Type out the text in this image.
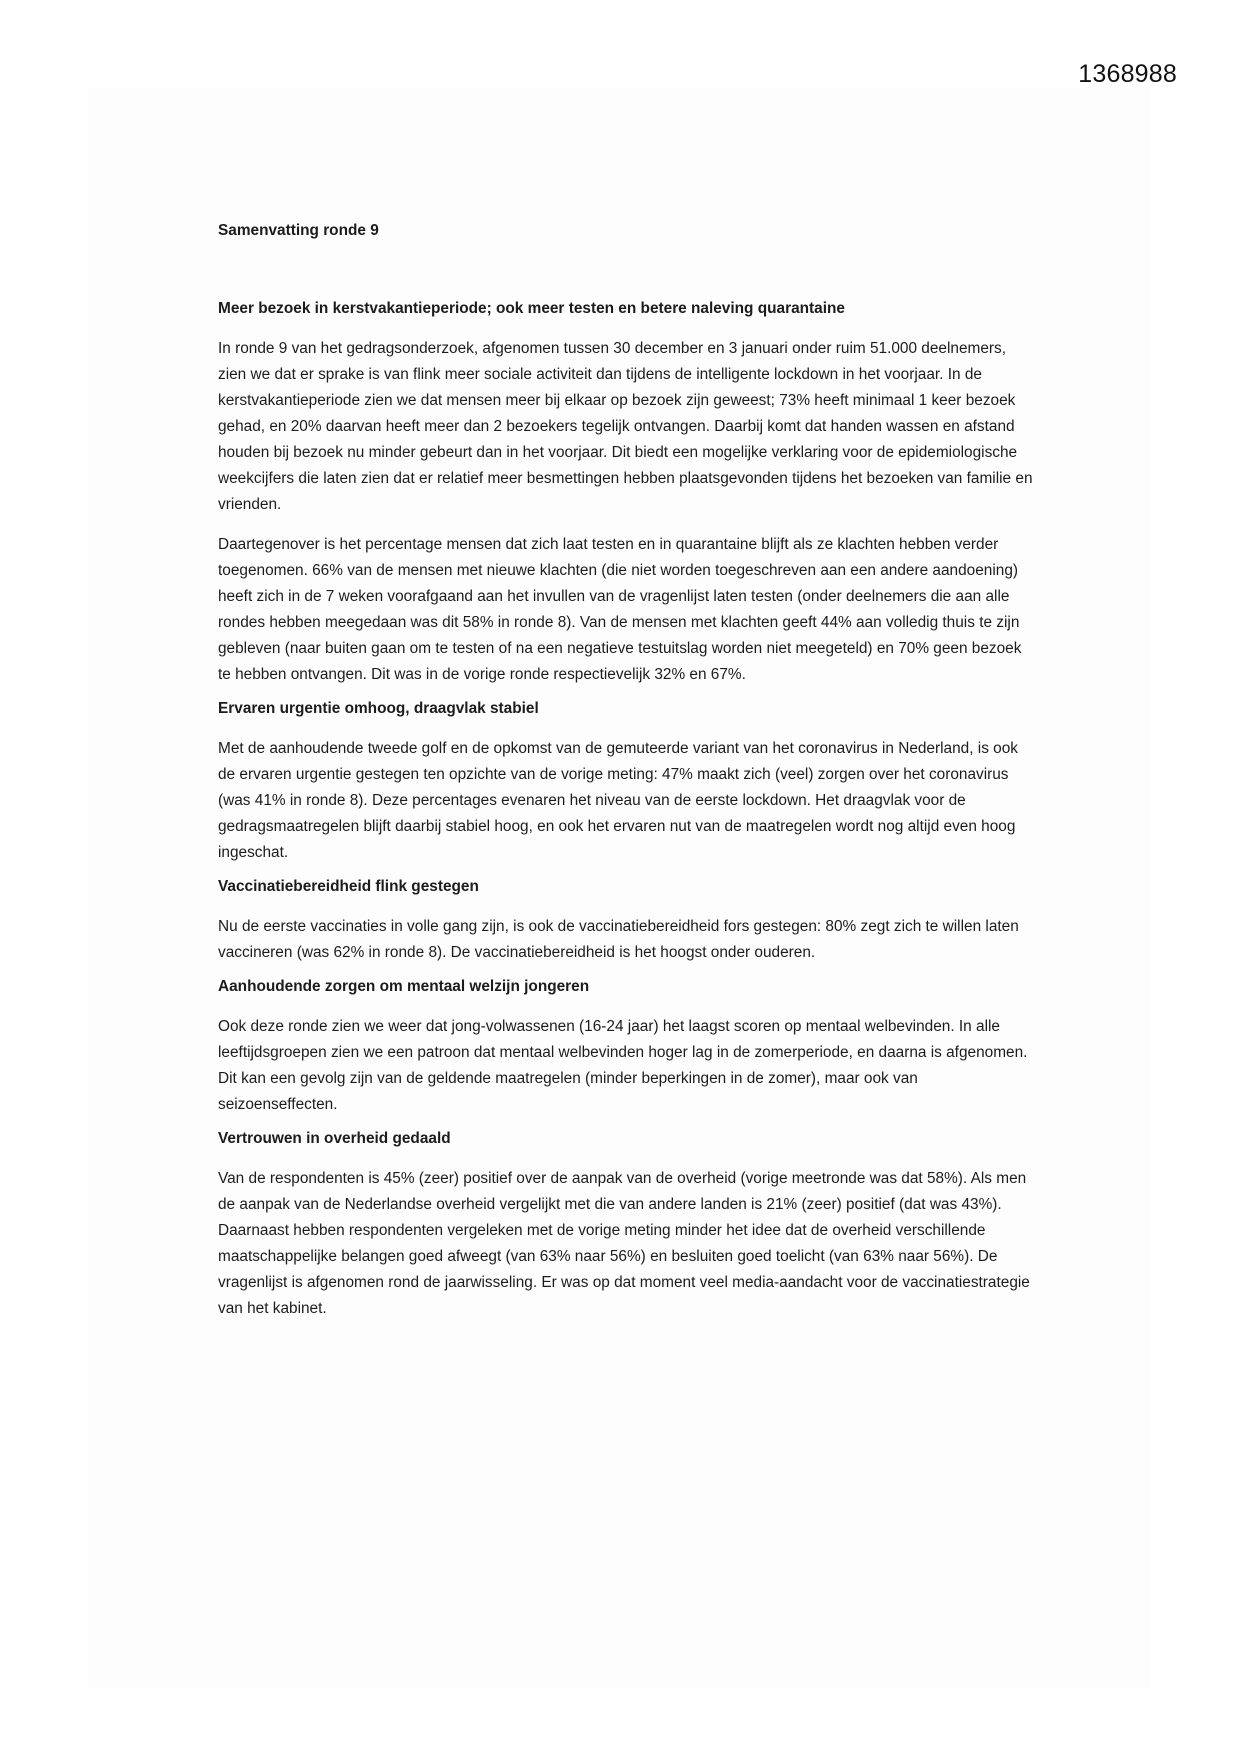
1368988
Samenvatting ronde 9
Meer bezoek in kerstvakantieperiode; ook meer testen en betere naleving quarantaine

In ronde 9 van het gedragsonderzoek, afgenomen tussen 30 december en 3 januari onder ruim 51.000 deelnemers, zien we dat er sprake is van flink meer sociale activiteit dan tijdens de intelligente lockdown in het voorjaar. In de kerstvakantieperiode zien we dat mensen meer bij elkaar op bezoek zijn geweest; 73% heeft minimaal 1 keer bezoek gehad, en 20% daarvan heeft meer dan 2 bezoekers tegelijk ontvangen. Daarbij komt dat handen wassen en afstand houden bij bezoek nu minder gebeurt dan in het voorjaar. Dit biedt een mogelijke verklaring voor de epidemiologische weekcijfers die laten zien dat er relatief meer besmettingen hebben plaatsgevonden tijdens het bezoeken van familie en vrienden.

Daartegenover is het percentage mensen dat zich laat testen en in quarantaine blijft als ze klachten hebben verder toegenomen. 66% van de mensen met nieuwe klachten (die niet worden toegeschreven aan een andere aandoening) heeft zich in de 7 weken voorafgaand aan het invullen van de vragenlijst laten testen (onder deelnemers die aan alle rondes hebben meegedaan was dit 58% in ronde 8). Van de mensen met klachten geeft 44% aan volledig thuis te zijn gebleven (naar buiten gaan om te testen of na een negatieve testuitslag worden niet meegeteld) en 70% geen bezoek te hebben ontvangen. Dit was in de vorige ronde respectievelijk 32% en 67%.

Ervaren urgentie omhoog, draagvlak stabiel

Met de aanhoudende tweede golf en de opkomst van de gemuteerde variant van het coronavirus in Nederland, is ook de ervaren urgentie gestegen ten opzichte van de vorige meting: 47% maakt zich (veel) zorgen over het coronavirus (was 41% in ronde 8). Deze percentages evenaren het niveau van de eerste lockdown. Het draagvlak voor de gedragsmaatregelen blijft daarbij stabiel hoog, en ook het ervaren nut van de maatregelen wordt nog altijd even hoog ingeschat.

Vaccinatiebereidheid flink gestegen

Nu de eerste vaccinaties in volle gang zijn, is ook de vaccinatiebereidheid fors gestegen: 80% zegt zich te willen laten vaccineren (was 62% in ronde 8). De vaccinatiebereidheid is het hoogst onder ouderen.

Aanhoudende zorgen om mentaal welzijn jongeren

Ook deze ronde zien we weer dat jong-volwassenen (16-24 jaar) het laagst scoren op mentaal welbevinden. In alle leeftijdsgroepen zien we een patroon dat mentaal welbevinden hoger lag in de zomerperiode, en daarna is afgenomen. Dit kan een gevolg zijn van de geldende maatregelen (minder beperkingen in de zomer), maar ook van seizoenseffecten.

Vertrouwen in overheid gedaald

Van de respondenten is 45% (zeer) positief over de aanpak van de overheid (vorige meetronde was dat 58%). Als men de aanpak van de Nederlandse overheid vergelijkt met die van andere landen is 21% (zeer) positief (dat was 43%). Daarnaast hebben respondenten vergeleken met de vorige meting minder het idee dat de overheid verschillende maatschappelijke belangen goed afweegt (van 63% naar 56%) en besluiten goed toelicht (van 63% naar 56%). De vragenlijst is afgenomen rond de jaarwisseling. Er was op dat moment veel media-aandacht voor de vaccinatiestrategie van het kabinet.
